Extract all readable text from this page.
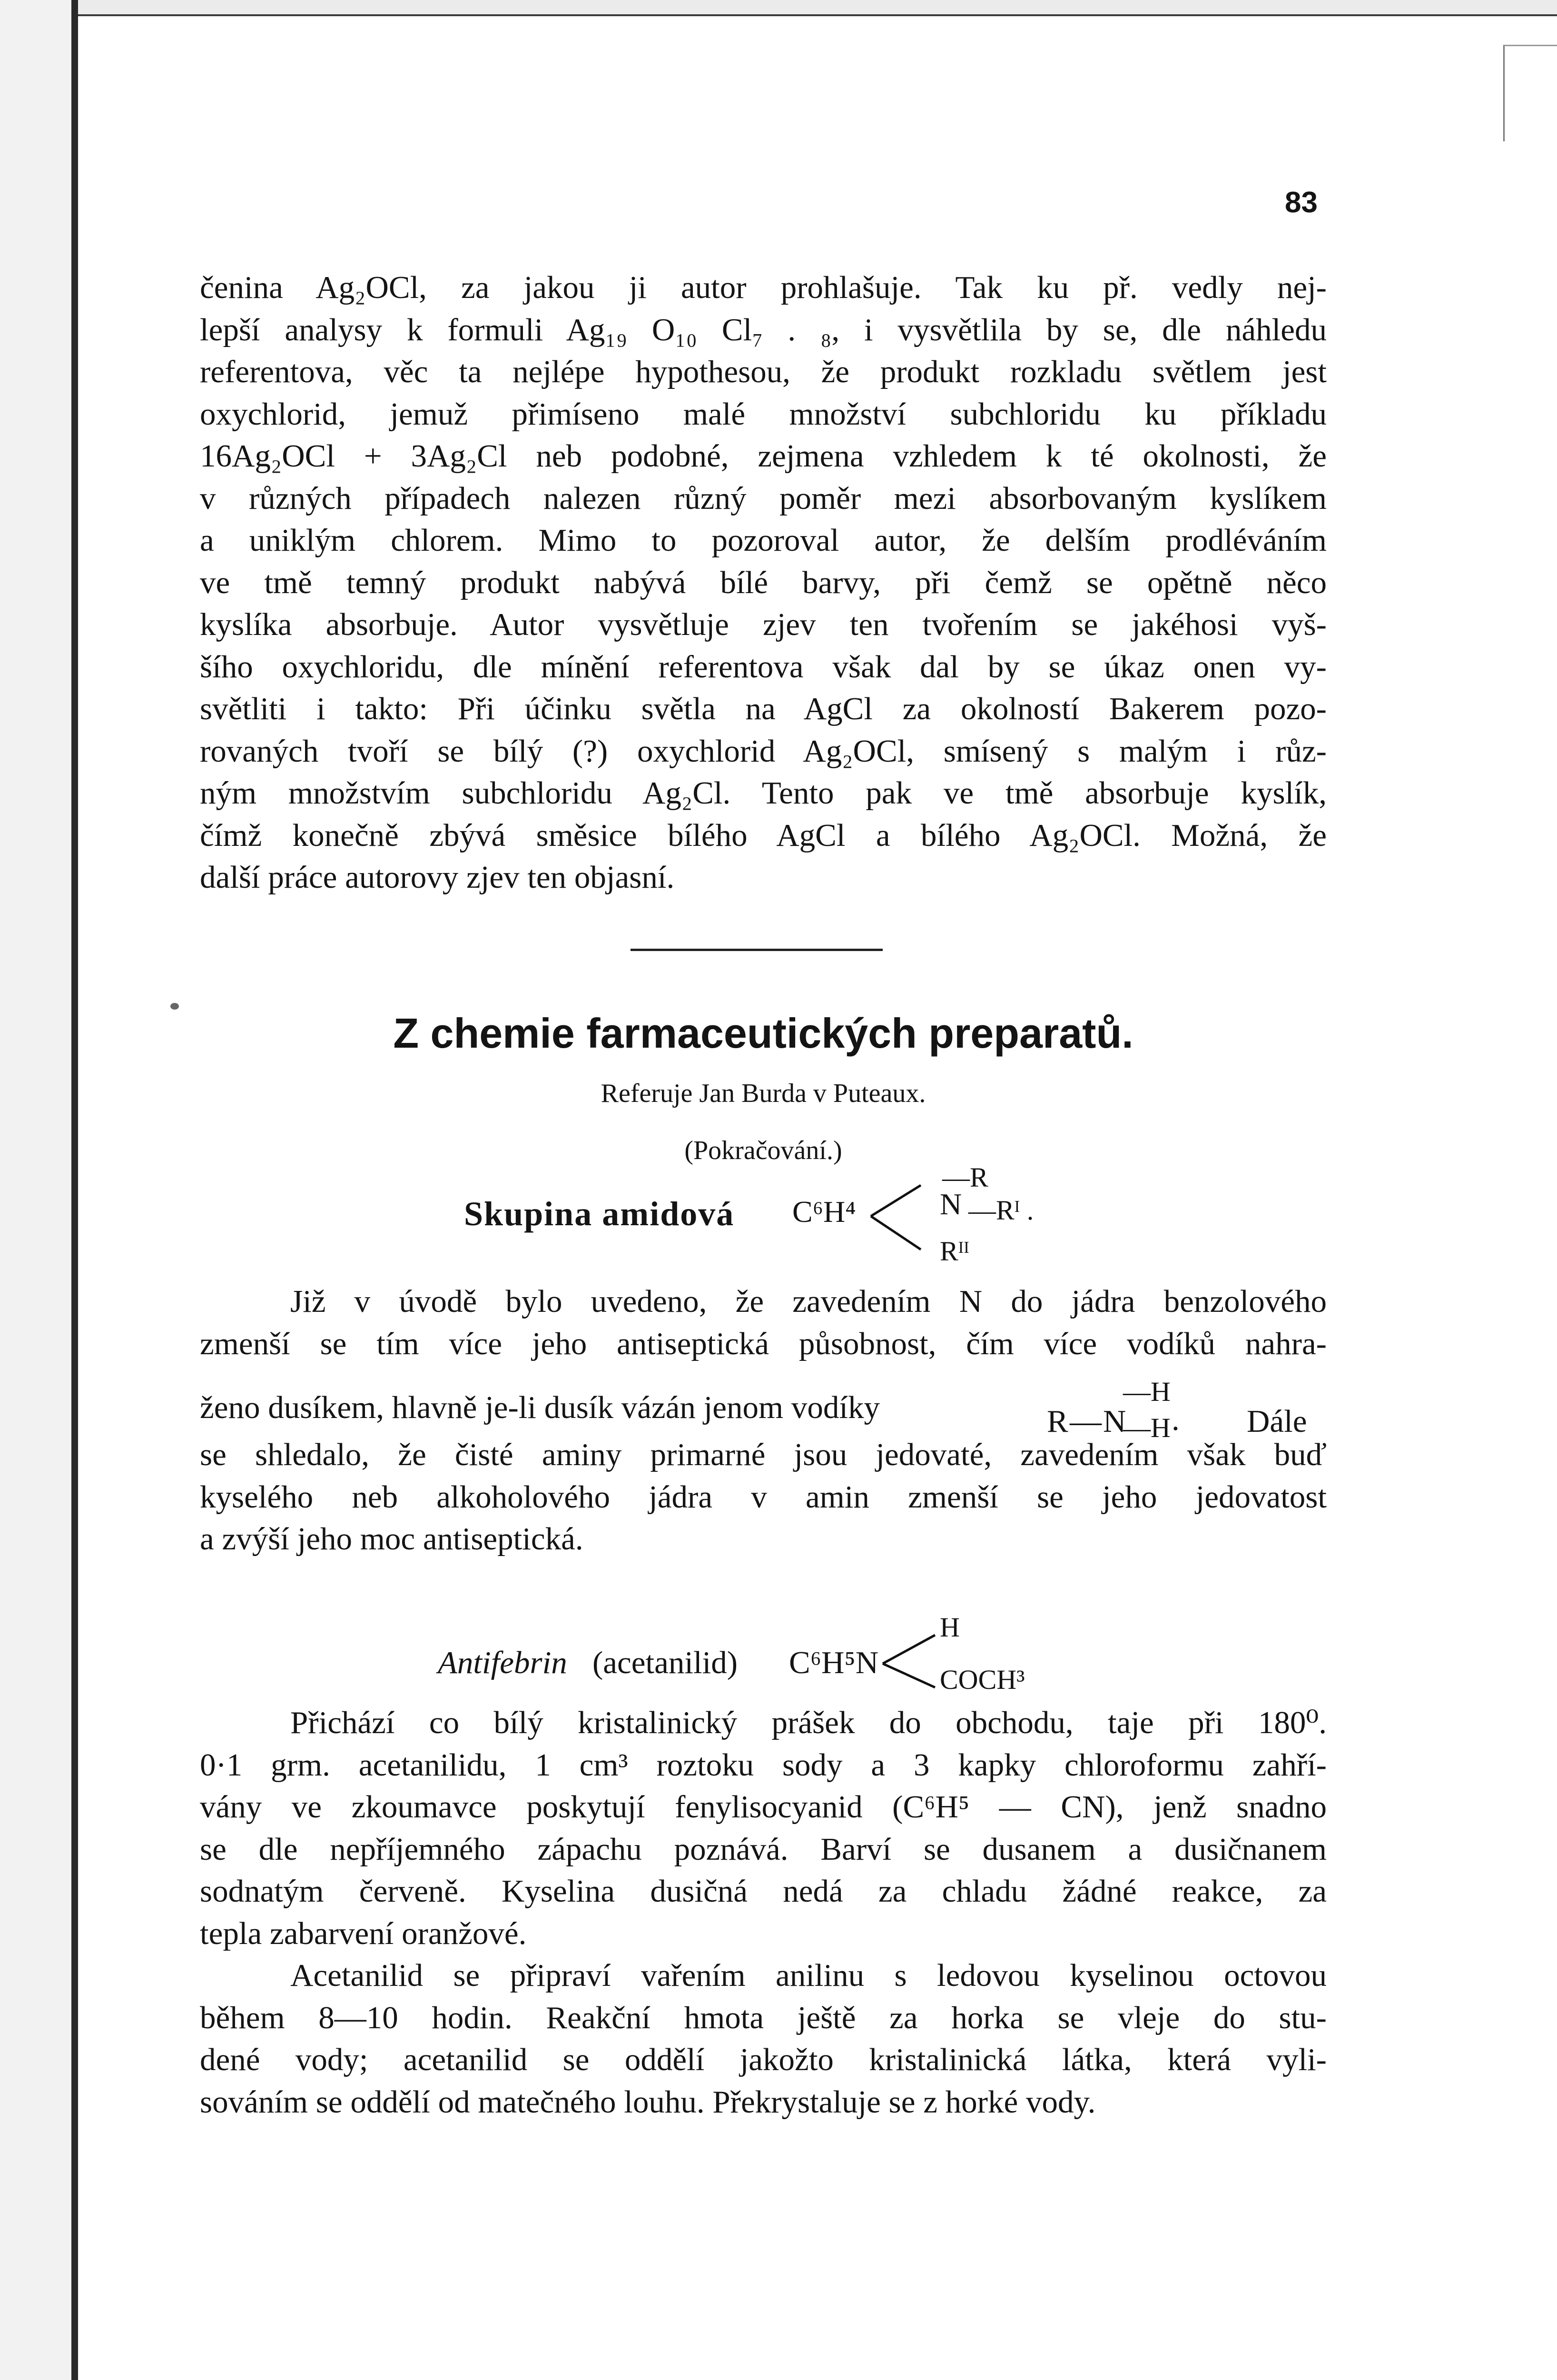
83
čenina Ag₂OCl, za jakou ji autor prohlašuje. Tak ku př. vedly nej-
lepší analysy k formuli Ag₁₉ O₁₀ Cl₇ . ₈, i vysvětlila by se, dle náhledu
referentova, věc ta nejlépe hypothesou, že produkt rozkladu světlem jest
oxychlorid, jemuž přimíseno malé množství subchloridu ku příkladu
16Ag₂OCl + 3Ag₂Cl neb podobné, zejmena vzhledem k té okolnosti, že
v různých případech nalezen různý poměr mezi absorbovaným kyslíkem
a uniklým chlorem. Mimo to pozoroval autor, že delším prodléváním
ve tmě temný produkt nabývá bílé barvy, při čemž se opětně něco
kyslíka absorbuje. Autor vysvětluje zjev ten tvořením se jakéhosi vyš-
šího oxychloridu, dle mínění referentova však dal by se úkaz onen vy-
světliti i takto: Při účinku světla na AgCl za okolností Bakerem pozo-
rovaných tvoří se bílý (?) oxychlorid Ag₂OCl, smísený s malým i růz-
ným množstvím subchloridu Ag₂Cl. Tento pak ve tmě absorbuje kyslík,
čímž konečně zbývá směsice bílého AgCl a bílého Ag₂OCl. Možná, že
další práce autorovy zjev ten objasní.
Z chemie farmaceutických preparatů.
Referuje Jan Burda v Puteaux.
(Pokračování.)
Skupina amidová C⁶H⁴
—R
N —Rᴵ .
Rᴵᴵ
Již v úvodě bylo uvedeno, že zavedením N do jádra benzolového
zmenší se tím více jeho antiseptická působnost, čím více vodíků nahra-
ženo dusíkem, hlavně je-li dusík vázán jenom vodíky
se shledalo, že čisté aminy primarné jsou jedovaté, zavedením však buď
kyselého neb alkoholového jádra v amin zmenší se jeho jedovatost
a zvýší jeho moc antiseptická.
R — N
—H
—H . Dále
Antifebrin (acetanilid) C⁶H⁵N
H
COCH³
Přichází co bílý kristalinický prášek do obchodu, taje při 180⁰.
0·1 grm. acetanilidu, 1 cm³ roztoku sody a 3 kapky chloroformu zahří-
vány ve zkoumavce poskytují fenylisocyanid (C⁶H⁵ — CN), jenž snadno
se dle nepříjemného zápachu poznává. Barví se dusanem a dusičnanem
sodnatým červeně. Kyselina dusičná nedá za chladu žádné reakce, za
tepla zabarvení oranžové.
Acetanilid se připraví vařením anilinu s ledovou kyselinou octovou
během 8—10 hodin. Reakční hmota ještě za horka se vleje do stu-
dené vody; acetanilid se oddělí jakožto kristalinická látka, která vyli-
sováním se oddělí od matečného louhu. Překrystaluje se z horké vody.
